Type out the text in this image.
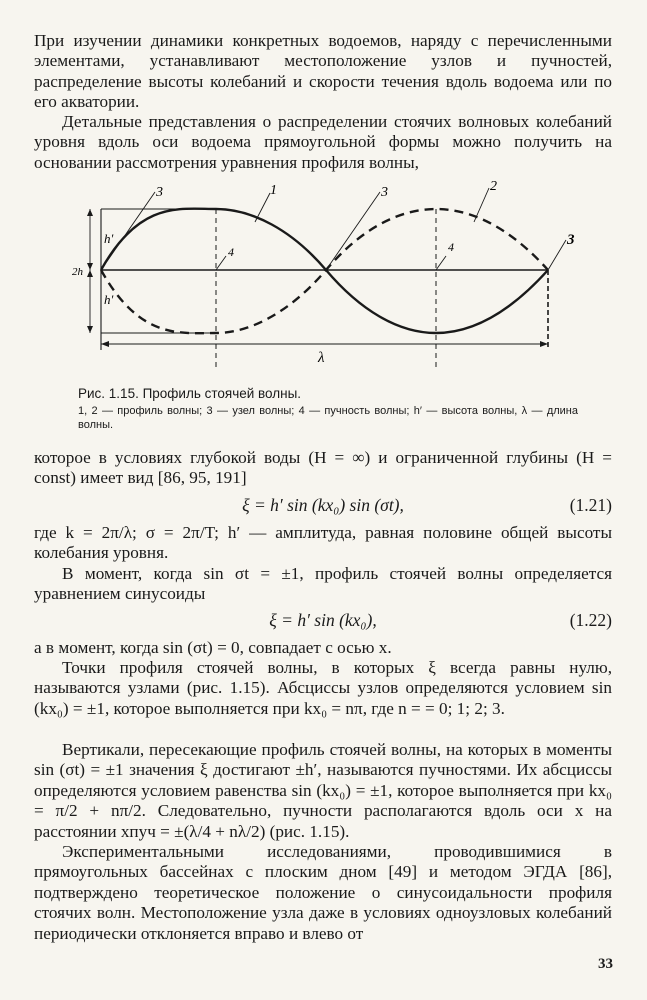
При изучении динамики конкретных водоемов, наряду с перечисленными элементами, устанавливают местоположение узлов и пучностей, распределение высоты колебаний и скорости течения вдоль водоема или по его акватории.

Детальные представления о распределении стоячих волновых колебаний уровня вдоль оси водоема прямоугольной формы можно получить на основании рассмотрения уравнения профиля волны,

3	3
3
1	2
4	4
h′
h′
2h
λ
Рис. 1.15. Профиль стоячей волны.
1, 2 — профиль волны; 3 — узел волны; 4 — пучность волны; h′ — высота волны, λ — длина волны.

которое в условиях глубокой воды (H = ∞) и ограниченной глубины (H = const) имеет вид [86, 95, 191]

ξ = h′ sin (kx₀) sin (σt),	(1.21)

где k = 2π/λ; σ = 2π/T; h′ — амплитуда, равная половине общей высоты колебания уровня.

В момент, когда sin σt = ±1, профиль стоячей волны определяется уравнением синусоиды

ξ = h′ sin (kx₀),	(1.22)

а в момент, когда sin (σt) = 0, совпадает с осью x.

Точки профиля стоячей волны, в которых ξ всегда равны нулю, называются узлами (рис. 1.15). Абсциссы узлов определяются условием sin (kx₀) = ±1, которое выполняется при kx₀ = nπ, где n = = 0; 1; 2; 3.

Вертикали, пересекающие профиль стоячей волны, на которых в моменты sin (σt) = ±1 значения ξ достигают ±h′, называются пучностями. Их абсциссы определяются условием равенства sin (kx₀) = ±1, которое выполняется при kx₀ = π/2 + nπ/2. Следовательно, пучности располагаются вдоль оси x на расстоянии xпуч = ±(λ/4 + nλ/2) (рис. 1.15).

Экспериментальными исследованиями, проводившимися в прямоугольных бассейнах с плоским дном [49] и методом ЭГДА [86], подтверждено теоретическое положение о синусоидальности профиля стоячих волн. Местоположение узла даже в условиях одноузловых колебаний периодически отклоняется вправо и влево от

33
